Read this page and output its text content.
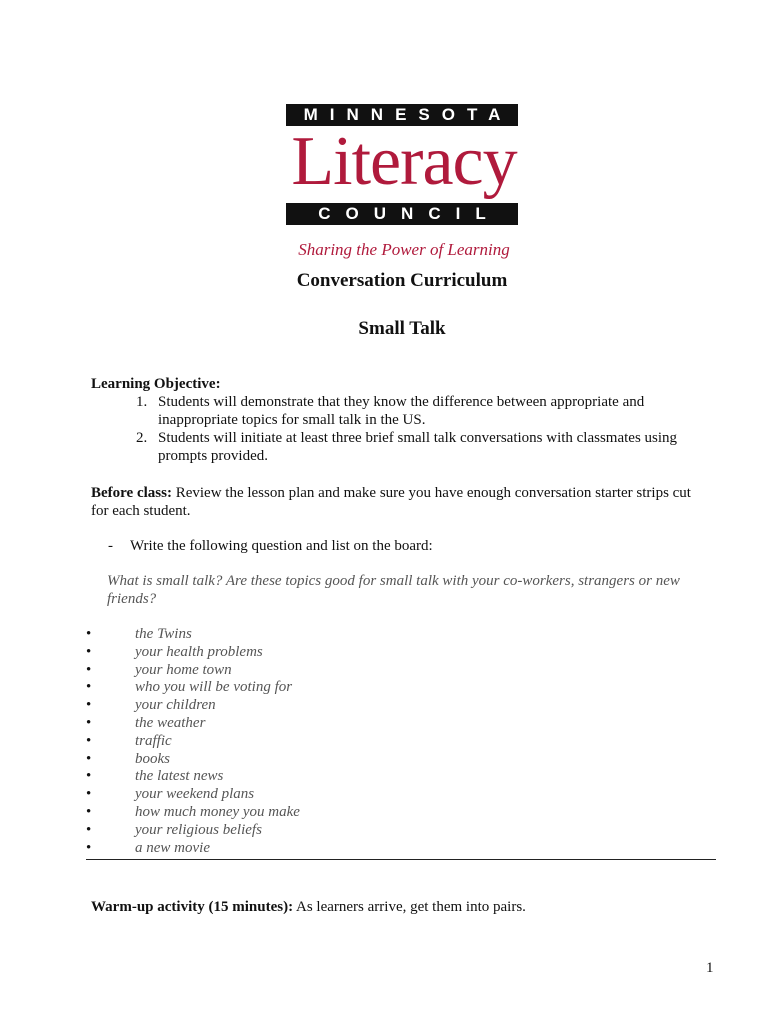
MINNESOTA
Literacy
COUNCIL
Sharing the Power of Learning
Conversation Curriculum
Small Talk
Learning Objective:
1. Students will demonstrate that they know the difference between appropriate and inappropriate topics for small talk in the US.
2. Students will initiate at least three brief small talk conversations with classmates using prompts provided.
Before class: Review the lesson plan and make sure you have enough conversation starter strips cut for each student.
- Write the following question and list on the board:
What is small talk? Are these topics good for small talk with your co-workers, strangers or new friends?
•	the Twins
•	your health problems
•	your home town
•	who you will be voting for
•	your children
•	the weather
•	traffic
•	books
•	the latest news
•	your weekend plans
•	how much money you make
•	your religious beliefs
•	a new movie
Warm-up activity (15 minutes): As learners arrive, get them into pairs.
1
